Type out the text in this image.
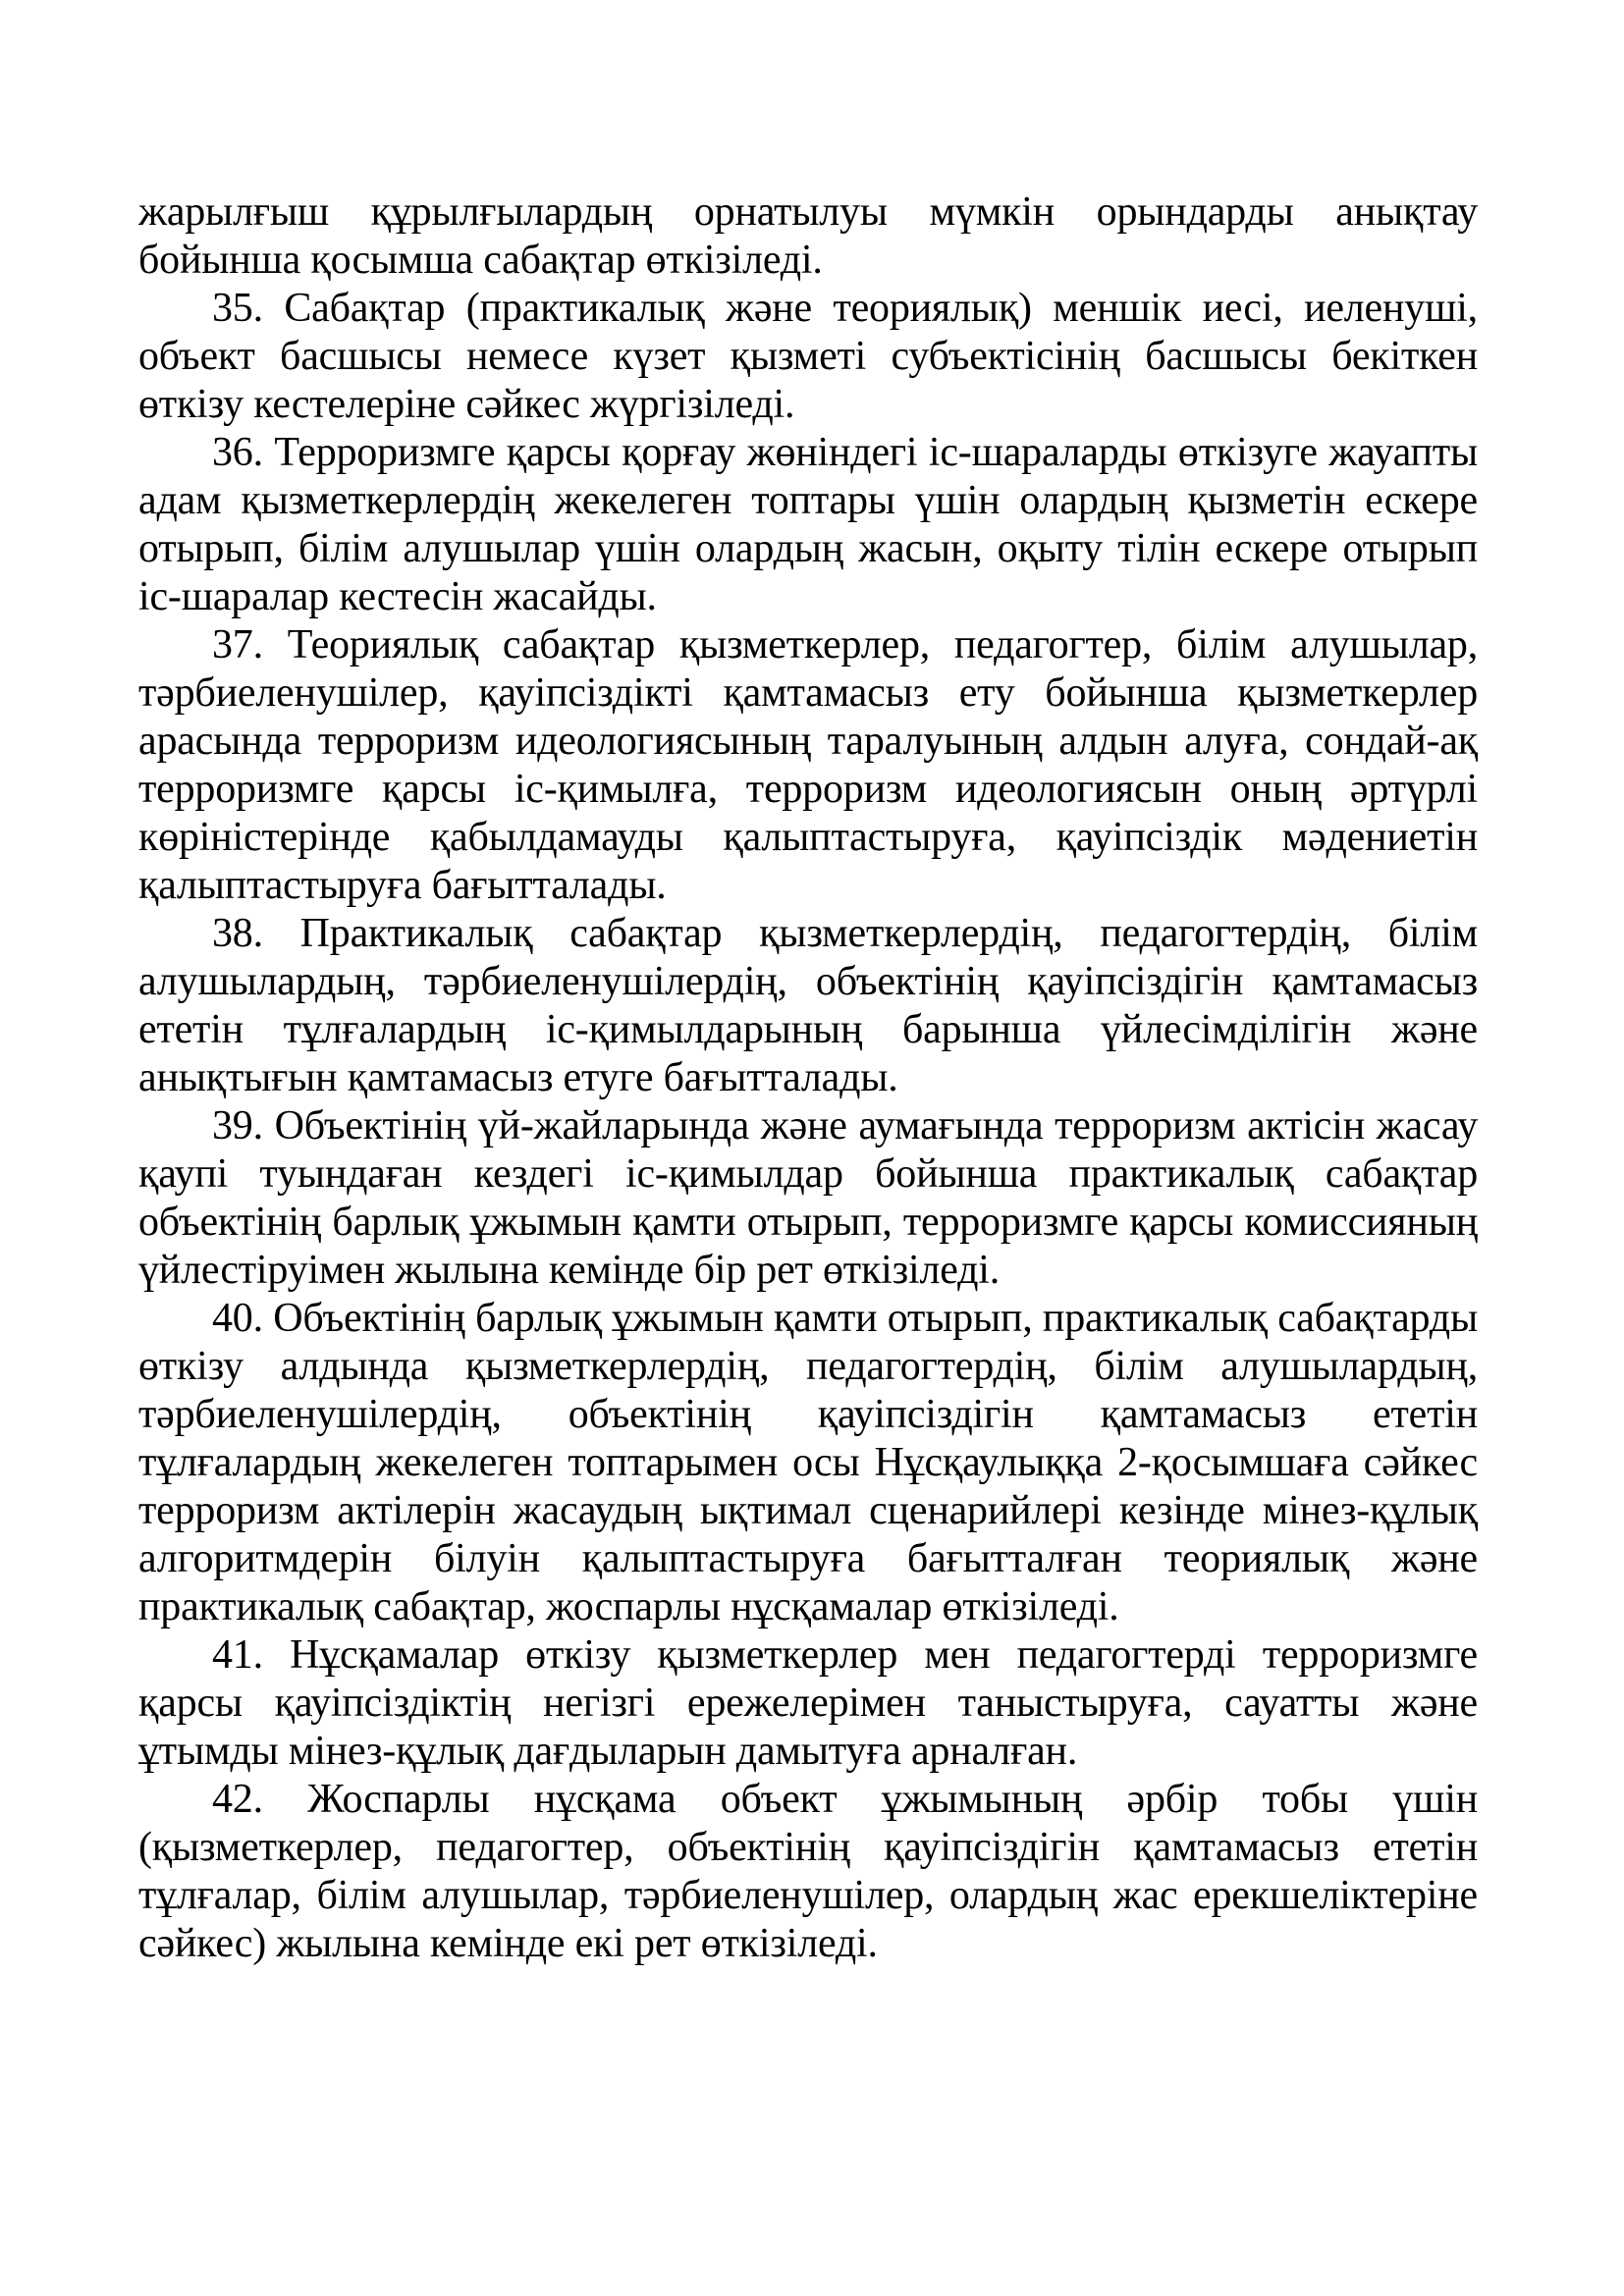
жарылғыш құрылғылардың орнатылуы мүмкін орындарды анықтау бойынша қосымша сабақтар өткізіледі.

35. Сабақтар (практикалық және теориялық) меншік иесі, иеленуші, объект басшысы немесе күзет қызметі субъектісінің басшысы бекіткен өткізу кестелеріне сәйкес жүргізіледі.

36. Терроризмге қарсы қорғау жөніндегі іс-шараларды өткізуге жауапты адам қызметкерлердің жекелеген топтары үшін олардың қызметін ескере отырып, білім алушылар үшін олардың жасын, оқыту тілін ескере отырып іс-шаралар кестесін жасайды.

37. Теориялық сабақтар қызметкерлер, педагогтер, білім алушылар, тәрбиеленушілер, қауіпсіздікті қамтамасыз ету бойынша қызметкерлер арасында терроризм идеологиясының таралуының алдын алуға, сондай-ақ терроризмге қарсы іс-қимылға, терроризм идеологиясын оның әртүрлі көріністерінде қабылдамауды қалыптастыруға, қауіпсіздік мәдениетін қалыптастыруға бағытталады.

38. Практикалық сабақтар қызметкерлердің, педагогтердің, білім алушылардың, тәрбиеленушілердің, объектінің қауіпсіздігін қамтамасыз ететін тұлғалардың іс-қимылдарының барынша үйлесімділігін және анықтығын қамтамасыз етуге бағытталады.

39. Объектінің үй-жайларында және аумағында терроризм актісін жасау қаупі туындаған кездегі іс-қимылдар бойынша практикалық сабақтар объектінің барлық ұжымын қамти отырып, терроризмге қарсы комиссияның үйлестіруімен жылына кемінде бір рет өткізіледі.

40. Объектінің барлық ұжымын қамти отырып, практикалық сабақтарды өткізу алдында қызметкерлердің, педагогтердің, білім алушылардың, тәрбиеленушілердің, объектінің қауіпсіздігін қамтамасыз ететін тұлғалардың жекелеген топтарымен осы Нұсқаулыққа 2-қосымшаға сәйкес терроризм актілерін жасаудың ықтимал сценарийлері кезінде мінез-құлық алгоритмдерін білуін қалыптастыруға бағытталған теориялық және практикалық сабақтар, жоспарлы нұсқамалар өткізіледі.

41. Нұсқамалар өткізу қызметкерлер мен педагогтерді терроризмге қарсы қауіпсіздіктің негізгі ережелерімен таныстыруға, сауатты және ұтымды мінез-құлық дағдыларын дамытуға арналған.

42. Жоспарлы нұсқама объект ұжымының әрбір тобы үшін (қызметкерлер, педагогтер, объектінің қауіпсіздігін қамтамасыз ететін тұлғалар, білім алушылар, тәрбиеленушілер, олардың жас ерекшеліктеріне сәйкес) жылына кемінде екі рет өткізіледі.
